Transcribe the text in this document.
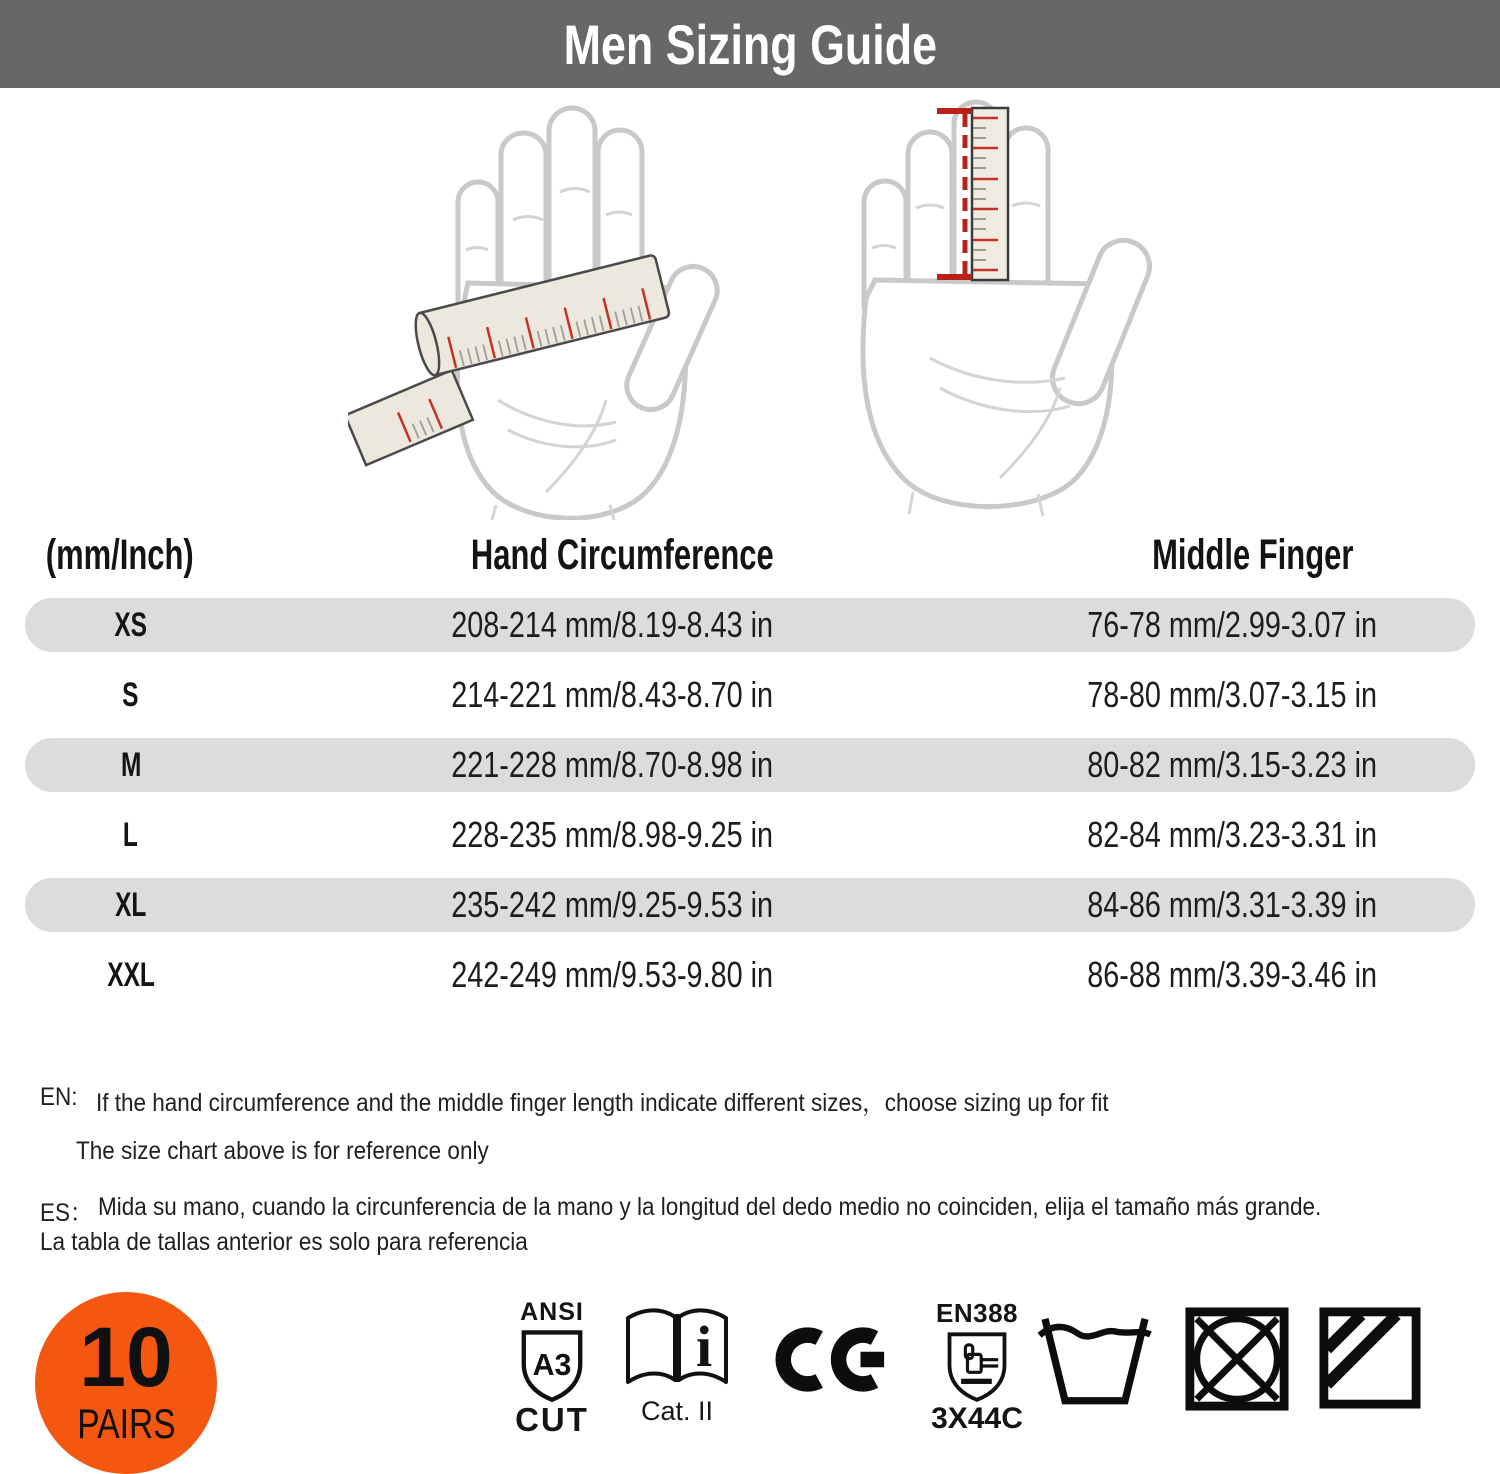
Men Sizing Guide
(mm/Inch)	Hand Circumference	Middle Finger
XS	208-214 mm/8.19-8.43 in	76-78 mm/2.99-3.07 in
S	214-221 mm/8.43-8.70 in	78-80 mm/3.07-3.15 in
M	221-228 mm/8.70-8.98 in	80-82 mm/3.15-3.23 in
L	228-235 mm/8.98-9.25 in	82-84 mm/3.23-3.31 in
XL	235-242 mm/9.25-9.53 in	84-86 mm/3.31-3.39 in
XXL	242-249 mm/9.53-9.80 in	86-88 mm/3.39-3.46 in
EN: If the hand circumference and the middle finger length indicate different sizes，choose sizing up for fit
The size chart above is for reference only
ES： Mida su mano, cuando la circunferencia de la mano y la longitud del dedo medio no coinciden, elija el tamaño más grande.
La tabla de tallas anterior es solo para referencia
10
PAIRS
ANSI
A3
CUT
i
Cat. II
EN388
3X44C
